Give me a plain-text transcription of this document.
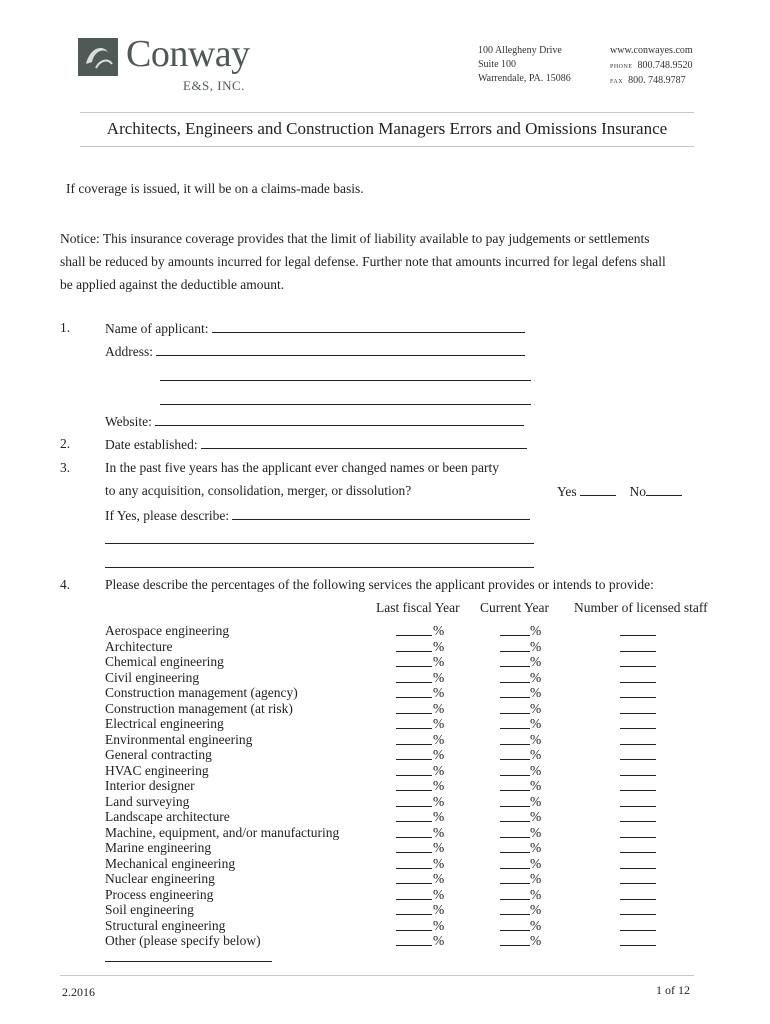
Conway
E&S, INC.
100 Allegheny Drive
Suite 100
Warrendale, PA. 15086
www.conwayes.com
phone 800.748.9520
fax 800. 748.9787
Architects, Engineers and Construction Managers Errors and Omissions Insurance
If coverage is issued, it will be on a claims-made basis.
Notice: This insurance coverage provides that the limit of liability available to pay judgements or settlements
shall be reduced by amounts incurred for legal defense. Further note that amounts incurred for legal defens shall
be applied against the deductible amount.
1.	Name of applicant:
Address:
Website:
2.	Date established:
3.	In the past five years has the applicant ever changed names or been party
to any acquisition, consolidation, merger, or dissolution?	Yes	No
If Yes, please describe:
4.	Please describe the percentages of the following services the applicant provides or intends to provide:
Last fiscal Year Current Year Number of licensed staff
Aerospace engineering	%	%
Architecture	%	%
Chemical engineering	%	%
Civil engineering	%	%
Construction management (agency)	%	%
Construction management (at risk)	%	%
Electrical engineering	%	%
Environmental engineering	%	%
General contracting	%	%
HVAC engineering	%	%
Interior designer	%	%
Land surveying	%	%
Landscape architecture	%	%
Machine, equipment, and/or manufacturing	%	%
Marine engineering	%	%
Mechanical engineering	%	%
Nuclear engineering	%	%
Process engineering	%	%
Soil engineering	%	%
Structural engineering	%	%
Other (please specify below)	%	%
2.2016	1 of 12
